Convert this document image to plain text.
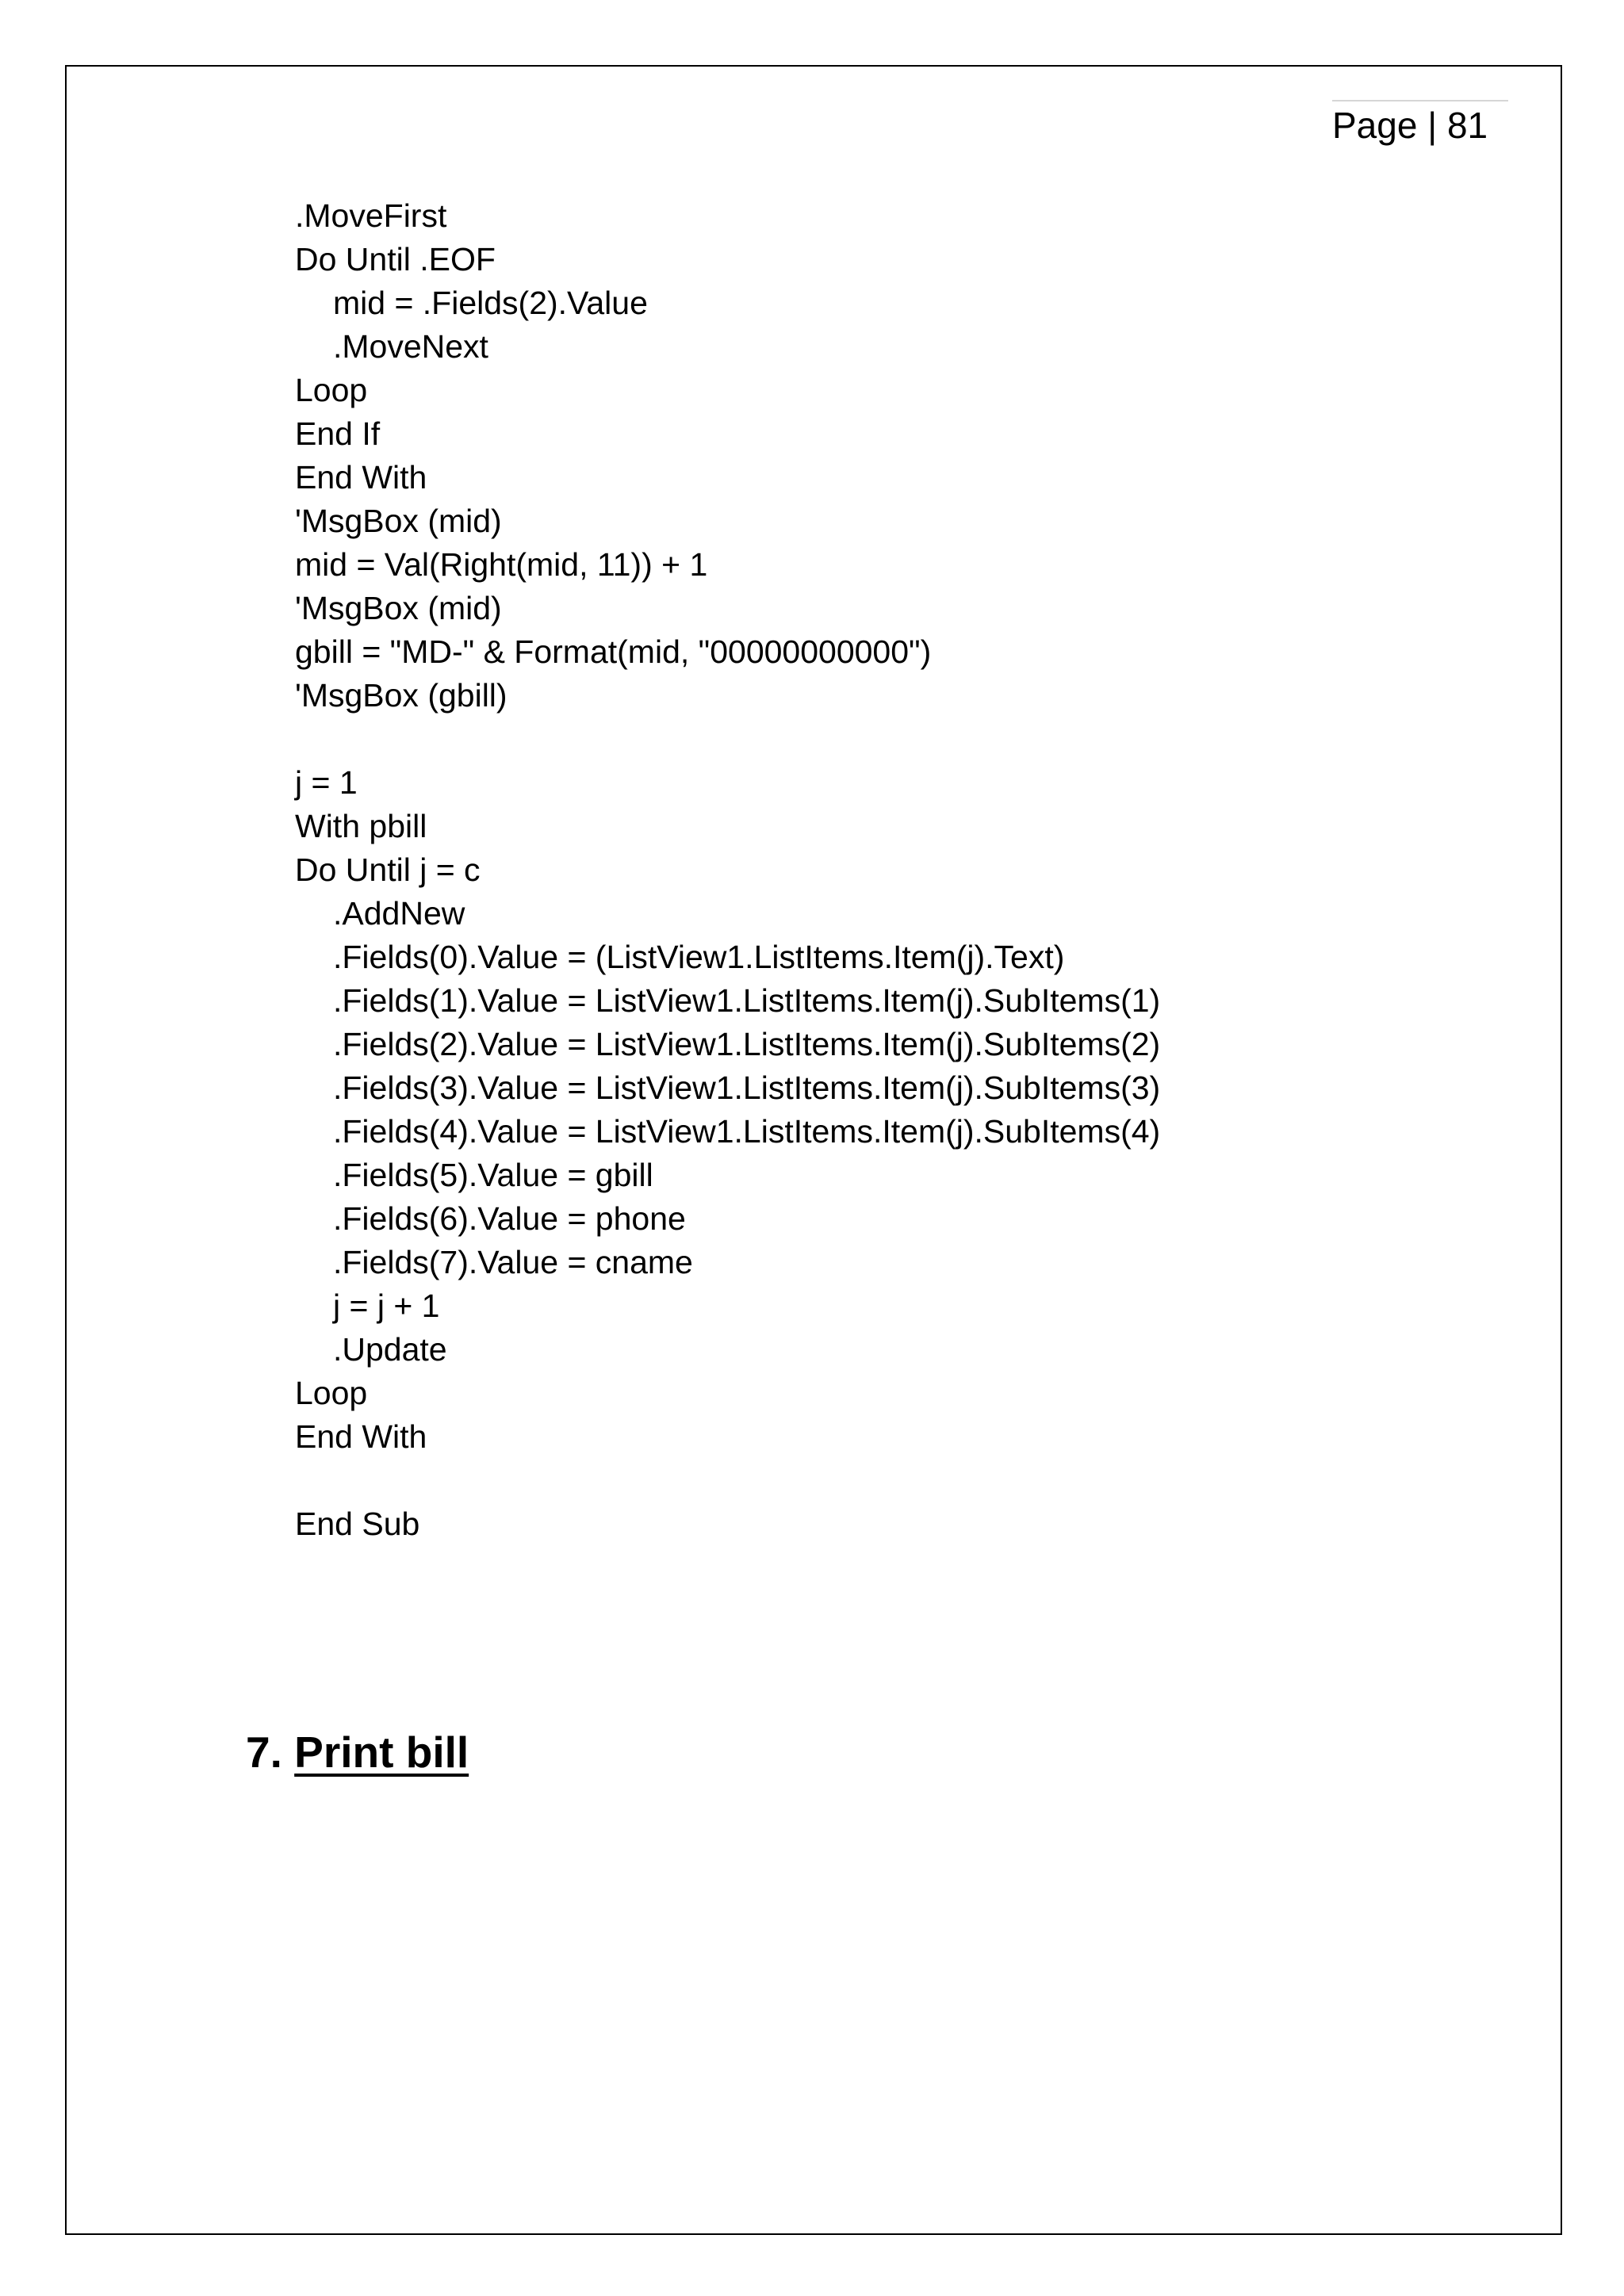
Page | 81
.MoveFirst
Do Until .EOF
mid = .Fields(2).Value
.MoveNext
Loop
End If
End With
'MsgBox (mid)
mid = Val(Right(mid, 11)) + 1
'MsgBox (mid)
gbill = "MD-" & Format(mid, "00000000000")
'MsgBox (gbill)
j = 1
With pbill
Do Until j = c
.AddNew
.Fields(0).Value = (ListView1.ListItems.Item(j).Text)
.Fields(1).Value = ListView1.ListItems.Item(j).SubItems(1)
.Fields(2).Value = ListView1.ListItems.Item(j).SubItems(2)
.Fields(3).Value = ListView1.ListItems.Item(j).SubItems(3)
.Fields(4).Value = ListView1.ListItems.Item(j).SubItems(4)
.Fields(5).Value = gbill
.Fields(6).Value = phone
.Fields(7).Value = cname
j = j + 1
.Update
Loop
End With
End Sub
7. Print bill
